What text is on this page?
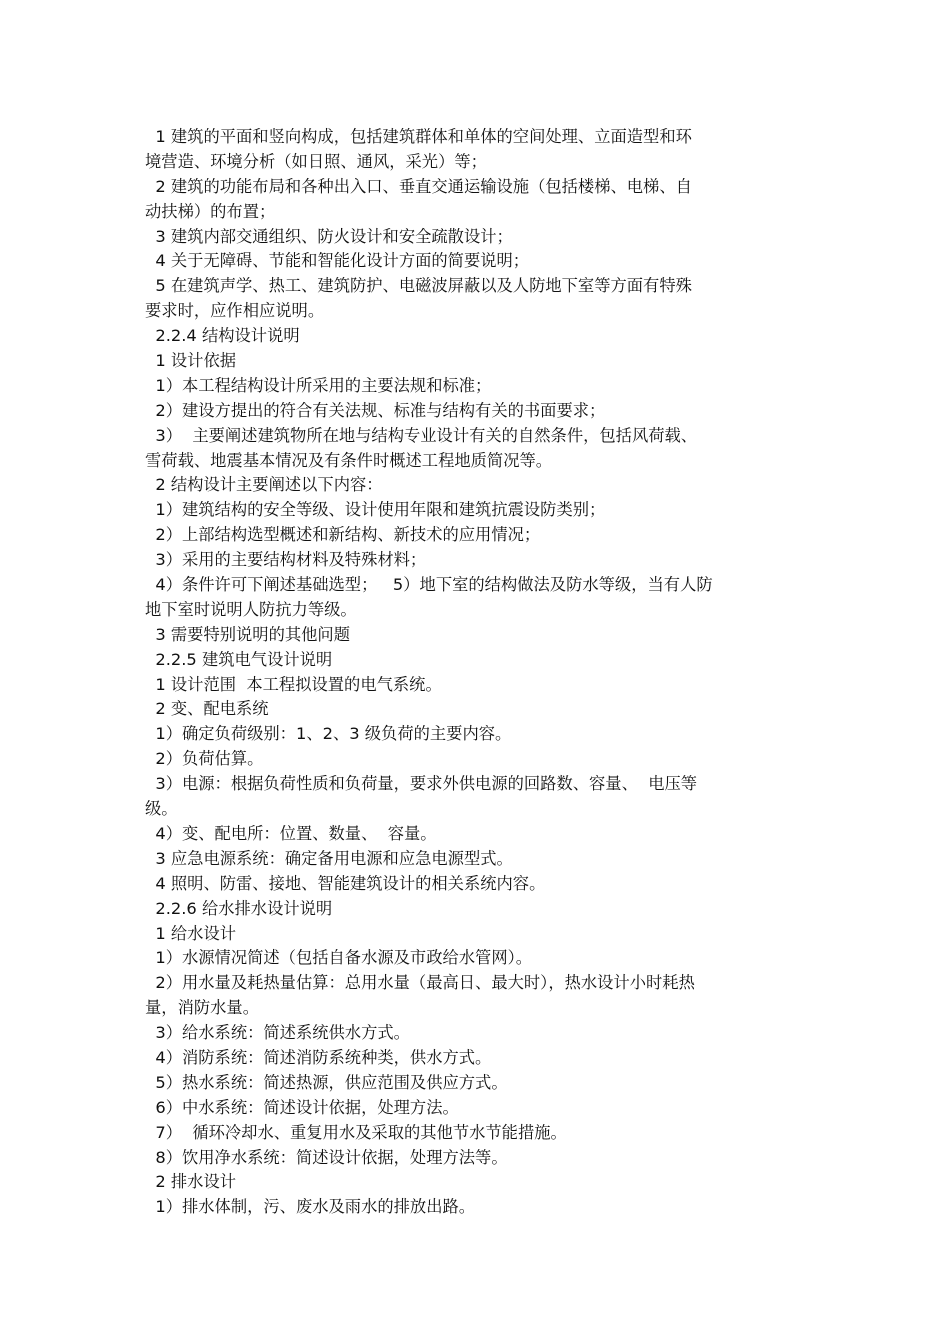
1 建筑的平面和竖向构成，包括建筑群体和单体的空间处理、立面造型和环
境营造、环境分析（如日照、通风，采光）等；
2 建筑的功能布局和各种出入口、垂直交通运输设施（包括楼梯、电梯、自
动扶梯）的布置；
3 建筑内部交通组织、防火设计和安全疏散设计；
4 关于无障碍、节能和智能化设计方面的简要说明；
5 在建筑声学、热工、建筑防护、电磁波屏蔽以及人防地下室等方面有特殊
要求时，应作相应说明。
2.2.4 结构设计说明
1 设计依据
1）本工程结构设计所采用的主要法规和标准；
2）建设方提出的符合有关法规、标准与结构有关的书面要求；
3）  主要阐述建筑物所在地与结构专业设计有关的自然条件，包括风荷载、
雪荷载、地震基本情况及有条件时概述工程地质简况等。
2 结构设计主要阐述以下内容：
1）建筑结构的安全等级、设计使用年限和建筑抗震设防类别；
2）上部结构选型概述和新结构、新技术的应用情况；
3）采用的主要结构材料及特殊材料；
4）条件许可下阐述基础选型；   5）地下室的结构做法及防水等级，当有人防
地下室时说明人防抗力等级。
3 需要特别说明的其他问题
2.2.5 建筑电气设计说明
1 设计范围  本工程拟设置的电气系统。
2 变、配电系统
1）确定负荷级别：1、2、3 级负荷的主要内容。
2）负荷估算。
3）电源：根据负荷性质和负荷量，要求外供电源的回路数、容量、  电压等
级。
4）变、配电所：位置、数量、  容量。
3 应急电源系统：确定备用电源和应急电源型式。
4 照明、防雷、接地、智能建筑设计的相关系统内容。
2.2.6 给水排水设计说明
1 给水设计
1）水源情况简述（包括自备水源及市政给水管网）。
2）用水量及耗热量估算：总用水量（最高日、最大时），热水设计小时耗热
量，消防水量。
3）给水系统：简述系统供水方式。
4）消防系统：简述消防系统种类，供水方式。
5）热水系统：简述热源，供应范围及供应方式。
6）中水系统：简述设计依据，处理方法。
7）  循环冷却水、重复用水及采取的其他节水节能措施。
8）饮用净水系统：简述设计依据，处理方法等。
2 排水设计
1）排水体制，污、废水及雨水的排放出路。
